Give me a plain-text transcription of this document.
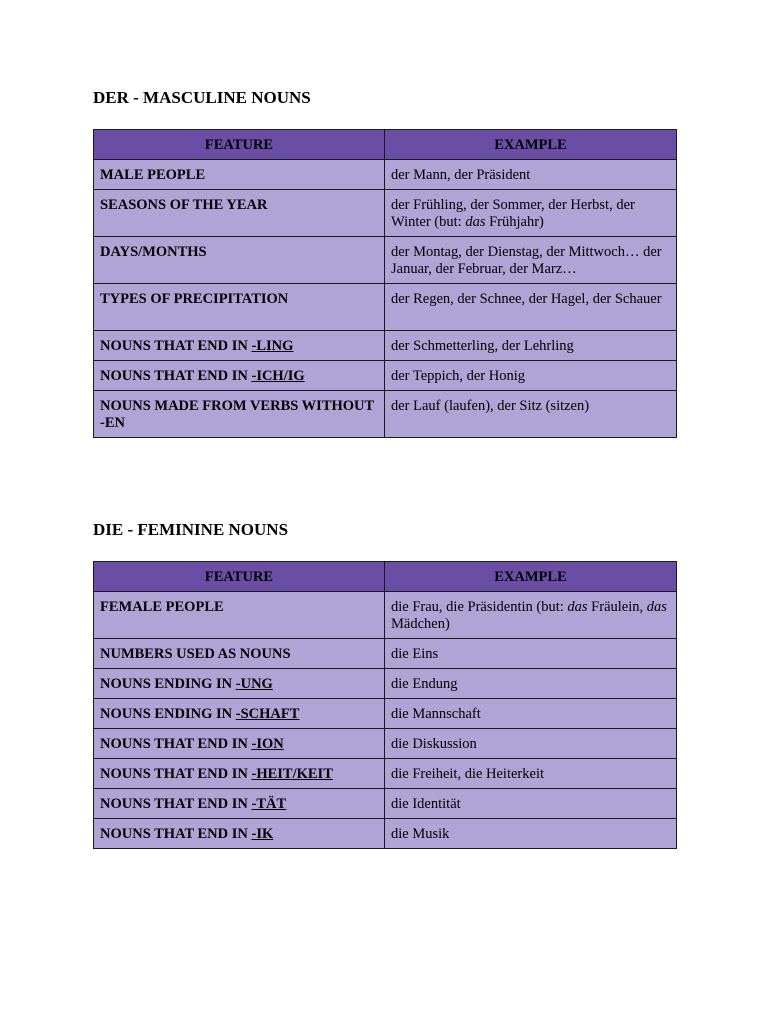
DER - MASCULINE NOUNS
FEATURE	EXAMPLE
MALE PEOPLE	der Mann, der Präsident
SEASONS OF THE YEAR	der Frühling, der Sommer, der Herbst, der Winter (but: das Frühjahr)
DAYS/MONTHS	der Montag, der Dienstag, der Mittwoch… der Januar, der Februar, der Marz…
TYPES OF PRECIPITATION	der Regen, der Schnee, der Hagel, der Schauer
NOUNS THAT END IN -LING	der Schmetterling, der Lehrling
NOUNS THAT END IN -ICH/IG	der Teppich, der Honig
NOUNS MADE FROM VERBS WITHOUT -EN	der Lauf (laufen), der Sitz (sitzen)
DIE - FEMININE NOUNS
FEATURE	EXAMPLE
FEMALE PEOPLE	die Frau, die Präsidentin (but: das Fräulein, das Mädchen)
NUMBERS USED AS NOUNS	die Eins
NOUNS ENDING IN -UNG	die Endung
NOUNS ENDING IN -SCHAFT	die Mannschaft
NOUNS THAT END IN -ION	die Diskussion
NOUNS THAT END IN -HEIT/KEIT	die Freiheit, die Heiterkeit
NOUNS THAT END IN -TÄT	die Identität
NOUNS THAT END IN -IK	die Musik
